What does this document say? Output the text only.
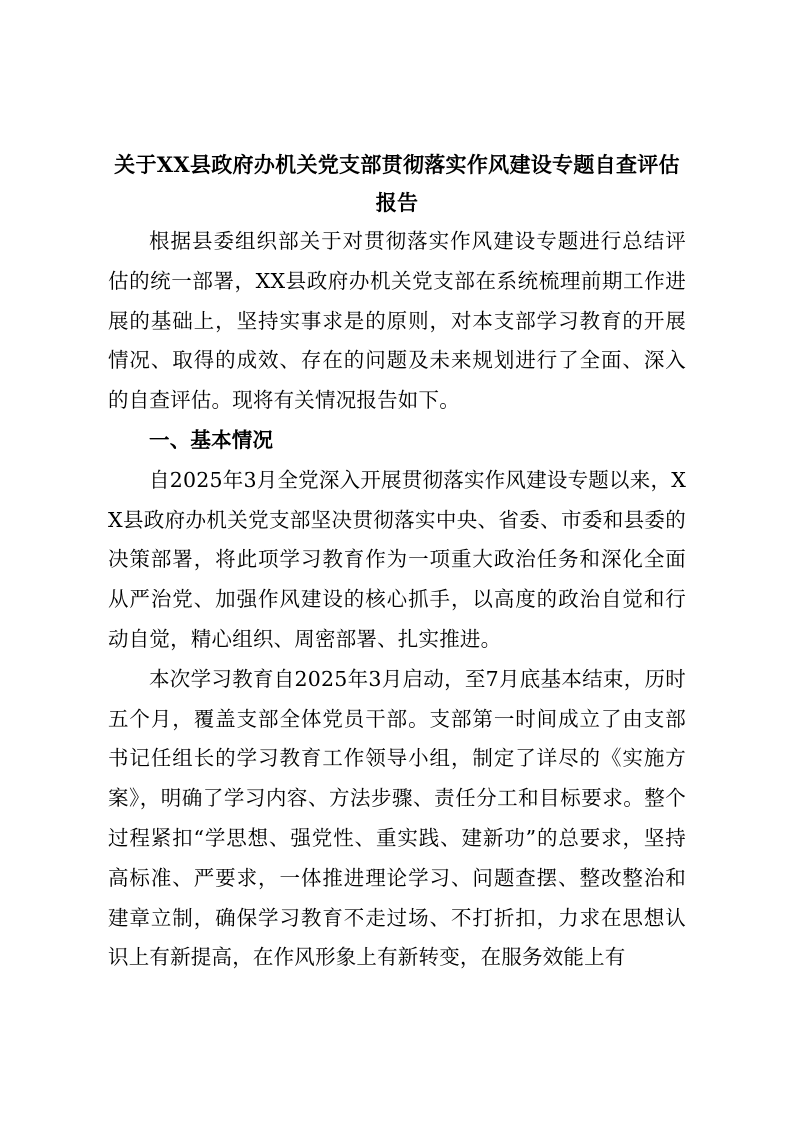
关于XX县政府办机关党支部贯彻落实作风建设专题自查评估
报告

根据县委组织部关于对贯彻落实作风建设专题进行总结评估的统一部署，XX县政府办机关党支部在系统梳理前期工作进展的基础上，坚持实事求是的原则，对本支部学习教育的开展情况、取得的成效、存在的问题及未来规划进行了全面、深入的自查评估。现将有关情况报告如下。

一、基本情况

自2025年3月全党深入开展贯彻落实作风建设专题以来，XX县政府办机关党支部坚决贯彻落实中央、省委、市委和县委的决策部署，将此项学习教育作为一项重大政治任务和深化全面从严治党、加强作风建设的核心抓手，以高度的政治自觉和行动自觉，精心组织、周密部署、扎实推进。

本次学习教育自2025年3月启动，至7月底基本结束，历时五个月，覆盖支部全体党员干部。支部第一时间成立了由支部书记任组长的学习教育工作领导小组，制定了详尽的《实施方案》，明确了学习内容、方法步骤、责任分工和目标要求。整个过程紧扣“学思想、强党性、重实践、建新功”的总要求，坚持高标准、严要求，一体推进理论学习、问题查摆、整改整治和建章立制，确保学习教育不走过场、不打折扣，力求在思想认识上有新提高，在作风形象上有新转变，在服务效能上有
